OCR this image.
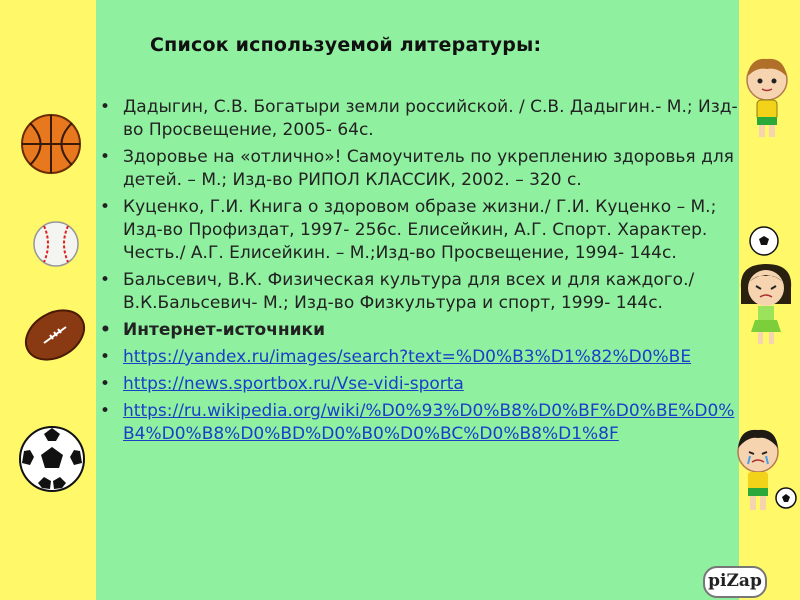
Список используемой литературы:
• Дадыгин, С.В. Богатыри земли российской. / С.В. Дадыгин.- М.; Изд-во Просвещение, 2005- 64с.
• Здоровье на «отлично»! Самоучитель по укреплению здоровья для детей. – М.; Изд-во РИПОЛ КЛАССИК, 2002. – 320 с.
• Куценко, Г.И. Книга о здоровом образе жизни./ Г.И. Куценко – М.; Изд-во Профиздат, 1997- 256с. Елисейкин, А.Г. Спорт. Характер. Честь./ А.Г. Елисейкин. – М.;Изд-во Просвещение, 1994- 144с.
• Бальсевич, В.К. Физическая культура для всех и для каждого./ В.К.Бальсевич- М.; Изд-во Физкультура и спорт, 1999- 144с.
• Интернет-источники
• https://yandex.ru/images/search?text=%D0%B3%D1%82%D0%BE
• https://news.sportbox.ru/Vse-vidi-sporta
• https://ru.wikipedia.org/wiki/%D0%93%D0%B8%D0%BF%D0%BE%D0%B4%D0%B8%D0%BD%D0%B0%D0%BC%D0%B8%D1%8F
piZap
